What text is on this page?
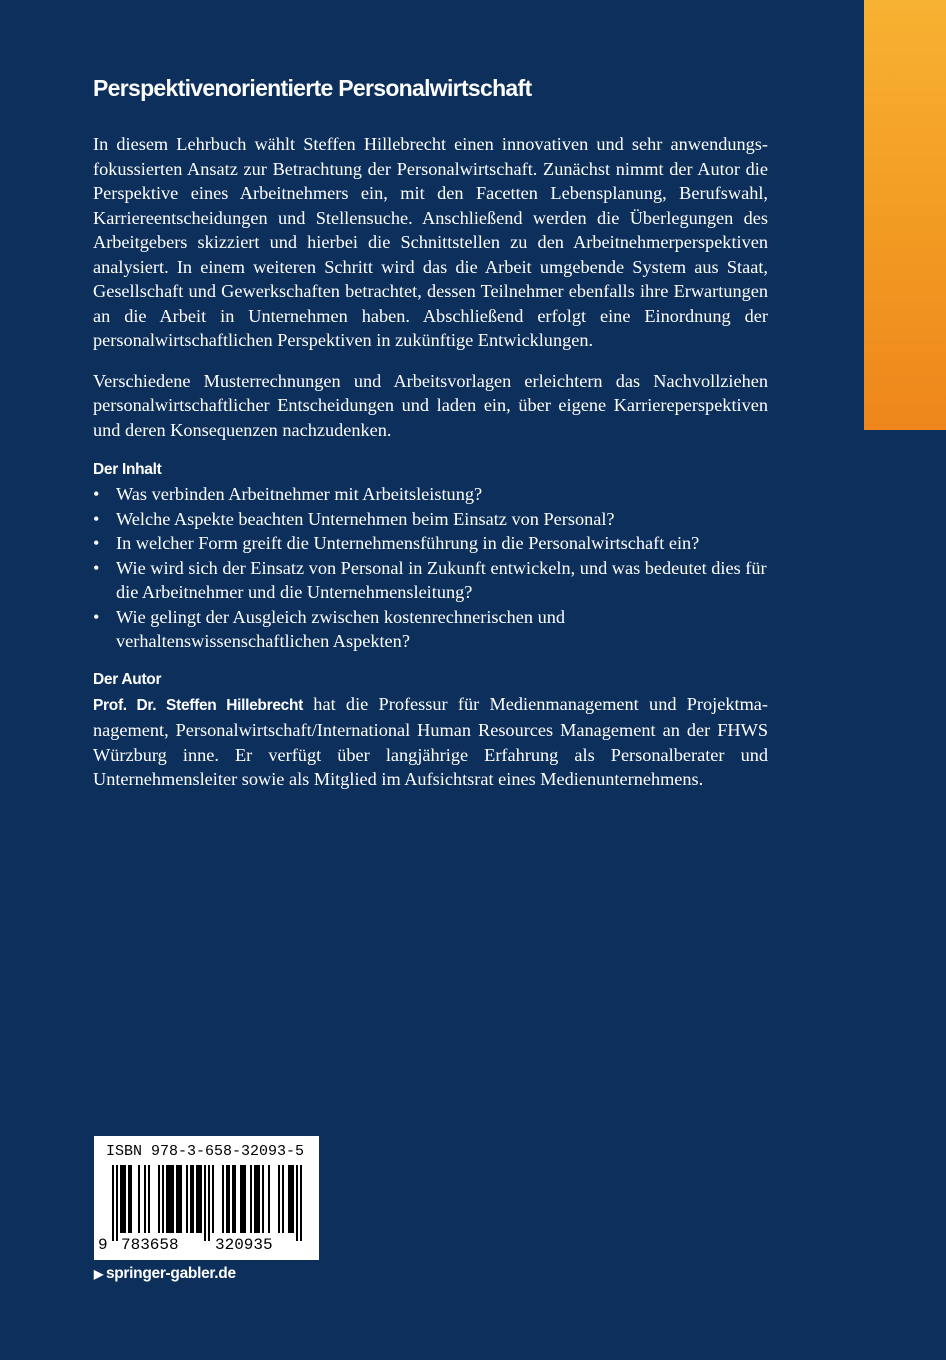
Perspektivenorientierte Personalwirtschaft

In diesem Lehrbuch wählt Steffen Hillebrecht einen innovativen und sehr anwendungsfokussierten Ansatz zur Betrachtung der Personalwirtschaft. Zunächst nimmt der Autor die Perspektive eines Arbeitnehmers ein, mit den Facetten Lebensplanung, Berufswahl, Karriereentscheidungen und Stellensuche. Anschließend werden die Überlegungen des Arbeitgebers skizziert und hierbei die Schnittstellen zu den Arbeitnehmerperspektiven analysiert. In einem weiteren Schritt wird das die Arbeit umgebende System aus Staat, Gesellschaft und Gewerkschaften betrachtet, dessen Teilnehmer ebenfalls ihre Erwartungen an die Arbeit in Unternehmen haben. Abschließend erfolgt eine Einordnung der personalwirtschaftlichen Perspektiven in zukünftige Entwicklungen.

Verschiedene Musterrechnungen und Arbeitsvorlagen erleichtern das Nachvollziehen personalwirtschaftlicher Entscheidungen und laden ein, über eigene Karriereperspektiven und deren Konsequenzen nachzudenken.

Der Inhalt
• Was verbinden Arbeitnehmer mit Arbeitsleistung?
• Welche Aspekte beachten Unternehmen beim Einsatz von Personal?
• In welcher Form greift die Unternehmensführung in die Personalwirtschaft ein?
• Wie wird sich der Einsatz von Personal in Zukunft entwickeln, und was bedeutet dies für die Arbeitnehmer und die Unternehmensleitung?
• Wie gelingt der Ausgleich zwischen kostenrechnerischen und verhaltenswissenschaftlichen Aspekten?
Der Autor

Prof. Dr. Steffen Hillebrecht hat die Professur für Medienmanagement und Projektmanagement, Personalwirtschaft/International Human Resources Management an der FHWS Würzburg inne. Er verfügt über langjährige Erfahrung als Personalberater und Unternehmensleiter sowie als Mitglied im Aufsichtsrat eines Medienunternehmens.

ISBN 978-3-658-32093-5
9 783658 320935
▶ springer-gabler.de
